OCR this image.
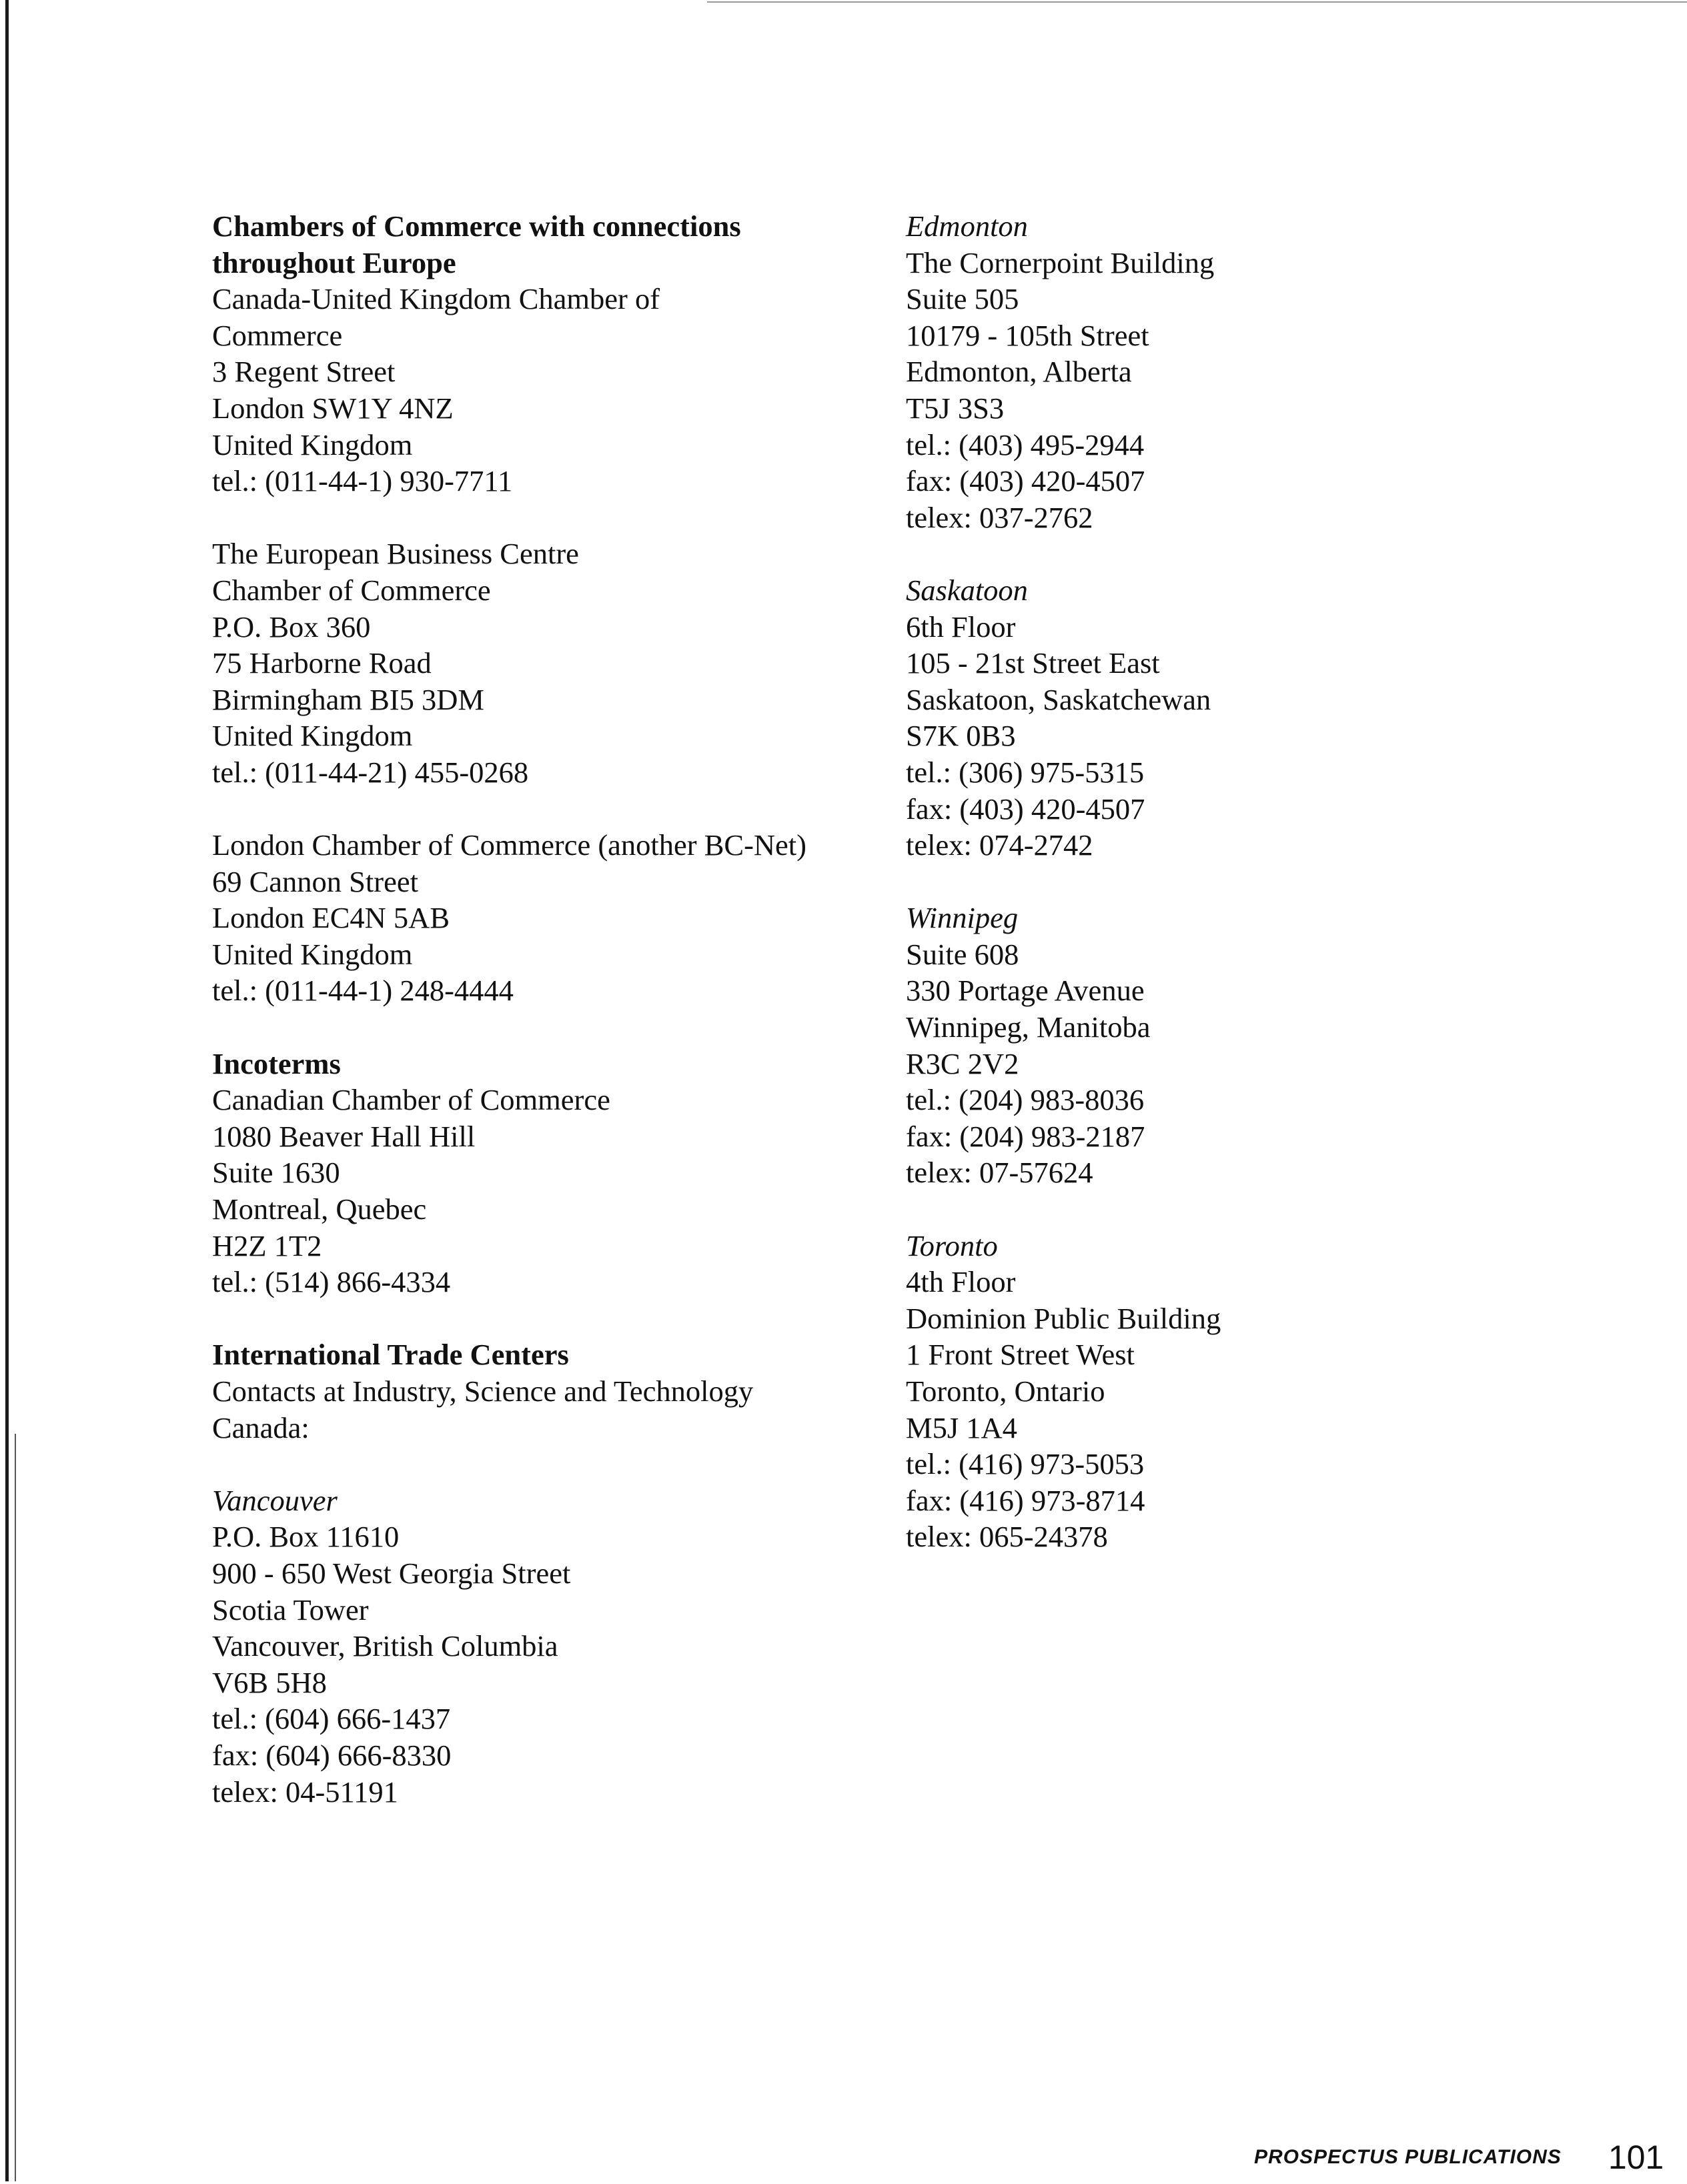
Chambers of Commerce with connections
throughout Europe
Canada-United Kingdom Chamber of
Commerce
3 Regent Street
London SW1Y 4NZ
United Kingdom
tel.: (011-44-1) 930-7711
The European Business Centre
Chamber of Commerce
P.O. Box 360
75 Harborne Road
Birmingham BI5 3DM
United Kingdom
tel.: (011-44-21) 455-0268
London Chamber of Commerce (another BC-Net)
69 Cannon Street
London EC4N 5AB
United Kingdom
tel.: (011-44-1) 248-4444
Incoterms
Canadian Chamber of Commerce
1080 Beaver Hall Hill
Suite 1630
Montreal, Quebec
H2Z 1T2
tel.: (514) 866-4334
International Trade Centers
Contacts at Industry, Science and Technology
Canada:
Vancouver
P.O. Box 11610
900 - 650 West Georgia Street
Scotia Tower
Vancouver, British Columbia
V6B 5H8
tel.: (604) 666-1437
fax: (604) 666-8330
telex: 04-51191
Edmonton
The Cornerpoint Building
Suite 505
10179 - 105th Street
Edmonton, Alberta
T5J 3S3
tel.: (403) 495-2944
fax: (403) 420-4507
telex: 037-2762
Saskatoon
6th Floor
105 - 21st Street East
Saskatoon, Saskatchewan
S7K 0B3
tel.: (306) 975-5315
fax: (403) 420-4507
telex: 074-2742
Winnipeg
Suite 608
330 Portage Avenue
Winnipeg, Manitoba
R3C 2V2
tel.: (204) 983-8036
fax: (204) 983-2187
telex: 07-57624
Toronto
4th Floor
Dominion Public Building
1 Front Street West
Toronto, Ontario
M5J 1A4
tel.: (416) 973-5053
fax: (416) 973-8714
telex: 065-24378
PROSPECTUS PUBLICATIONS 101
